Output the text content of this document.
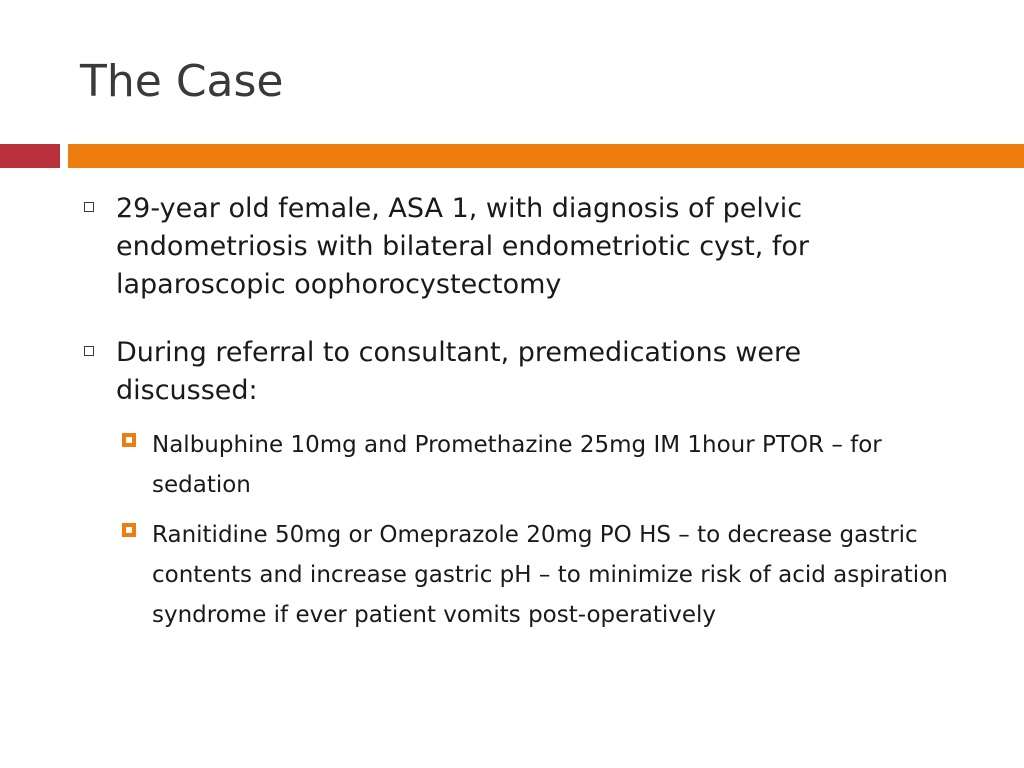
The Case
29-year old female, ASA 1, with diagnosis of pelvic endometriosis with bilateral endometriotic cyst, for laparoscopic oophorocystectomy
During referral to consultant, premedications were discussed:
Nalbuphine 10mg and Promethazine 25mg IM 1hour PTOR – for sedation
Ranitidine 50mg or Omeprazole 20mg PO HS – to decrease gastric contents and increase gastric pH – to minimize risk of acid aspiration syndrome if ever patient vomits post-operatively
